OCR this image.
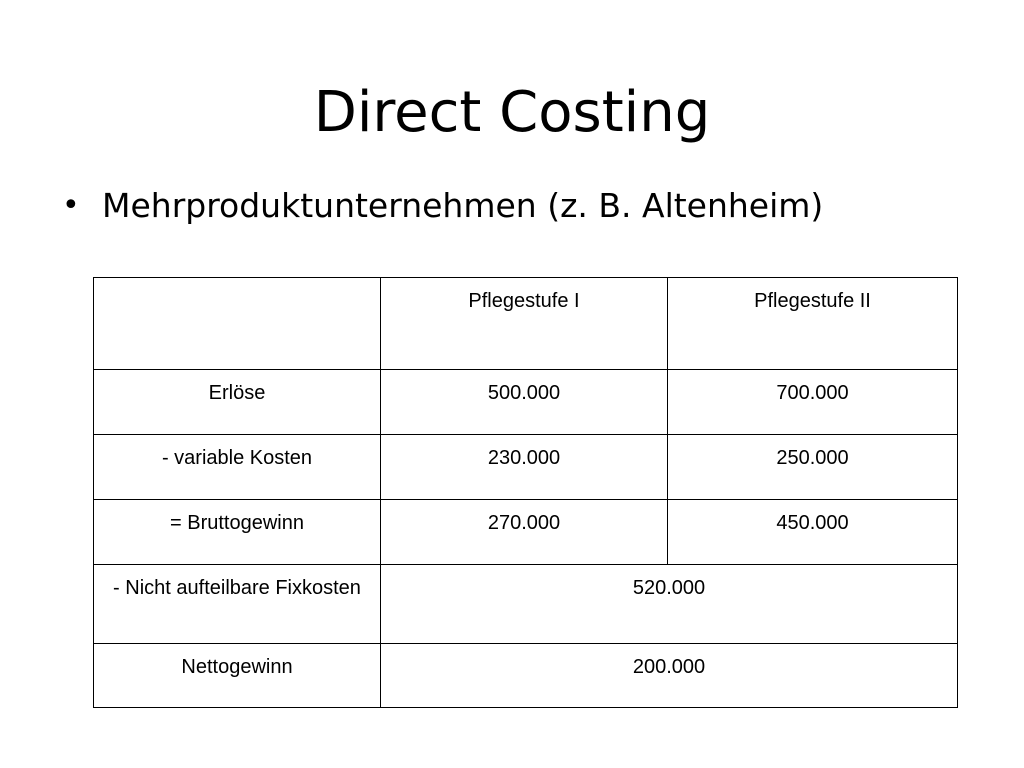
Direct Costing
• Mehrproduktunternehmen (z. B. Altenheim)
	Pflegestufe I	Pflegestufe II
Erlöse	500.000	700.000
- variable Kosten	230.000	250.000
= Bruttogewinn	270.000	450.000
- Nicht aufteilbare Fixkosten	520.000	
Nettogewinn	200.000	
